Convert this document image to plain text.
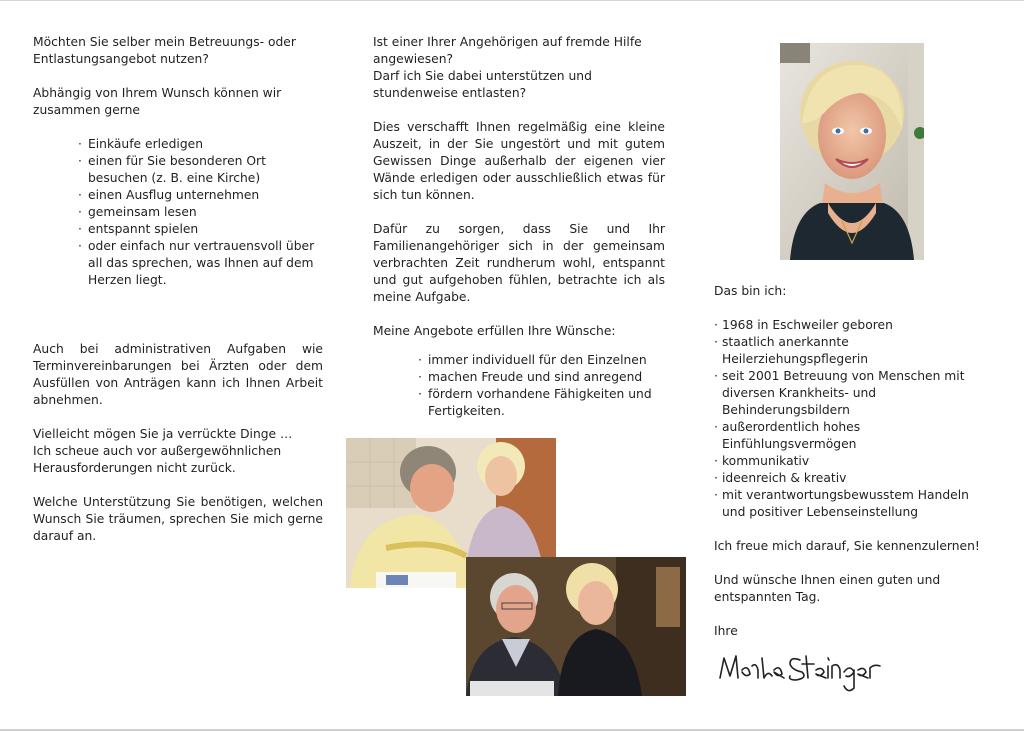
Möchten Sie selber mein Betreuungs- oder Entlastungsangebot nutzen?

Abhängig von Ihrem Wunsch können wir zusammen gerne

· Einkäufe erledigen
· einen für Sie besonderen Ort besuchen (z. B. eine Kirche)
· einen Ausflug unternehmen
· gemeinsam lesen
· entspannt spielen
· oder einfach nur vertrauensvoll über all das sprechen, was Ihnen auf dem Herzen liegt.

Auch bei administrativen Aufgaben wie Terminvereinbarungen bei Ärzten oder dem Ausfüllen von Anträgen kann ich Ihnen Arbeit abnehmen.

Vielleicht mögen Sie ja verrückte Dinge …

Ich scheue auch vor außergewöhnlichen Herausforderungen nicht zurück.

Welche Unterstützung Sie benötigen, welchen Wunsch Sie träumen, sprechen Sie mich gerne darauf an.

Ist einer Ihrer Angehörigen auf fremde Hilfe angewiesen?

Darf ich Sie dabei unterstützen und stundenweise entlasten?

Dies verschafft Ihnen regelmäßig eine kleine Auszeit, in der Sie ungestört und mit gutem Gewissen Dinge außerhalb der eigenen vier Wände erledigen oder ausschließlich etwas für sich tun können.

Dafür zu sorgen, dass Sie und Ihr Familienangehöriger sich in der gemeinsam verbrachten Zeit rundherum wohl, entspannt und gut aufgehoben fühlen, betrachte ich als meine Aufgabe.

Meine Angebote erfüllen Ihre Wünsche:

· immer individuell für den Einzelnen
· machen Freude und sind anregend
· fördern vorhandene Fähigkeiten und Fertigkeiten.

Das bin ich:

· 1968 in Eschweiler geboren
· staatlich anerkannte Heilerziehungspflegerin
· seit 2001 Betreuung von Menschen mit diversen Krankheits- und Behinderungsbildern
· außerordentlich hohes Einfühlungsvermögen
· kommunikativ
· ideenreich & kreativ
· mit verantwortungsbewusstem Handeln und positiver Lebenseinstellung

Ich freue mich darauf, Sie kennenzulernen!

Und wünsche Ihnen einen guten und entspannten Tag.

Ihre
